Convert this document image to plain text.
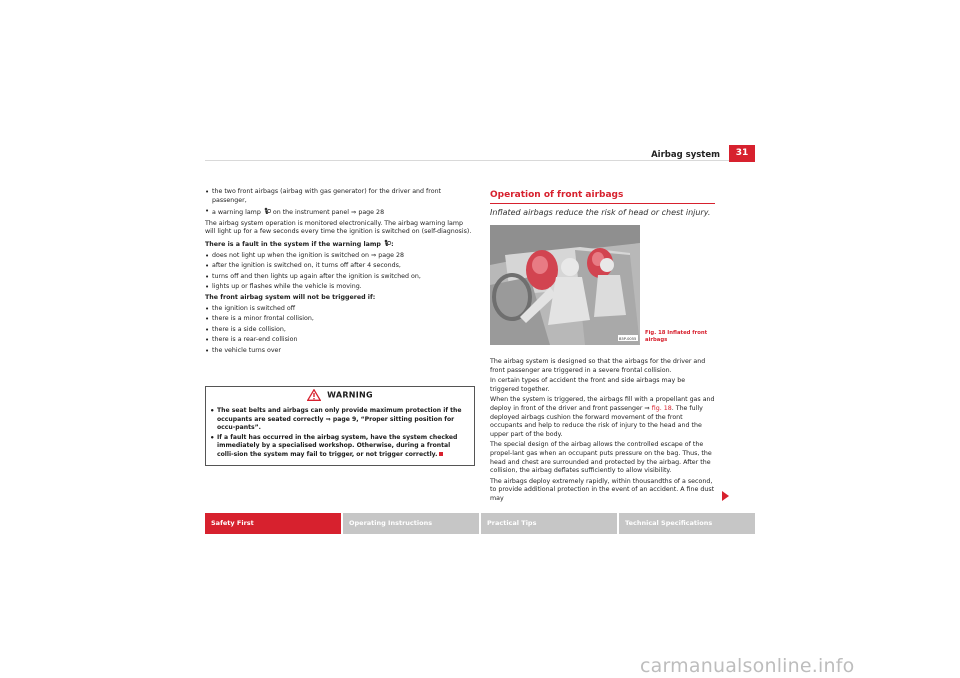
Airbag system	31

• the two front airbags (airbag with gas generator) for the driver and front passenger,

• a warning lamp on the instrument panel ⇒ page 28

The airbag system operation is monitored electronically. The airbag warning lamp will light up for a few seconds every time the ignition is switched on (self-diagnosis).

There is a fault in the system if the warning lamp :

• does not light up when the ignition is switched on ⇒ page 28

• after the ignition is switched on, it turns off after 4 seconds,

• turns off and then lights up again after the ignition is switched on,

• lights up or flashes while the vehicle is moving.

The front airbag system will not be triggered if:

• the ignition is switched off

• there is a minor frontal collision,

• there is a side collision,

• there is a rear-end collision

• the vehicle turns over

WARNING
• The seat belts and airbags can only provide maximum protection if the occupants are seated correctly ⇒ page 9, “Proper sitting position for occu-pants”.
• If a fault has occurred in the airbag system, have the system checked immediately by a specialised workshop. Otherwise, during a frontal colli-sion the system may fail to trigger, or not trigger correctly.
Operation of front airbags
Inflated airbags reduce the risk of head or chest injury.
B5P-0055
Fig. 18 Inflated front
airbags

The airbag system is designed so that the airbags for the driver and front passenger are triggered in a severe frontal collision.

In certain types of accident the front and side airbags may be triggered together.

When the system is triggered, the airbags fill with a propellant gas and deploy in front of the driver and front passenger ⇒ fig. 18. The fully deployed airbags cushion the forward movement of the front occupants and help to reduce the risk of injury to the head and the upper part of the body.

The special design of the airbag allows the controlled escape of the propel-lant gas when an occupant puts pressure on the bag. Thus, the head and chest are surrounded and protected by the airbag. After the collision, the airbag deflates sufficiently to allow visibility.

The airbags deploy extremely rapidly, within thousandths of a second, to provide additional protection in the event of an accident. A fine dust may

Safety First	Operating Instructions	Practical Tips	Technical Specifications
carmanualsonline.info
